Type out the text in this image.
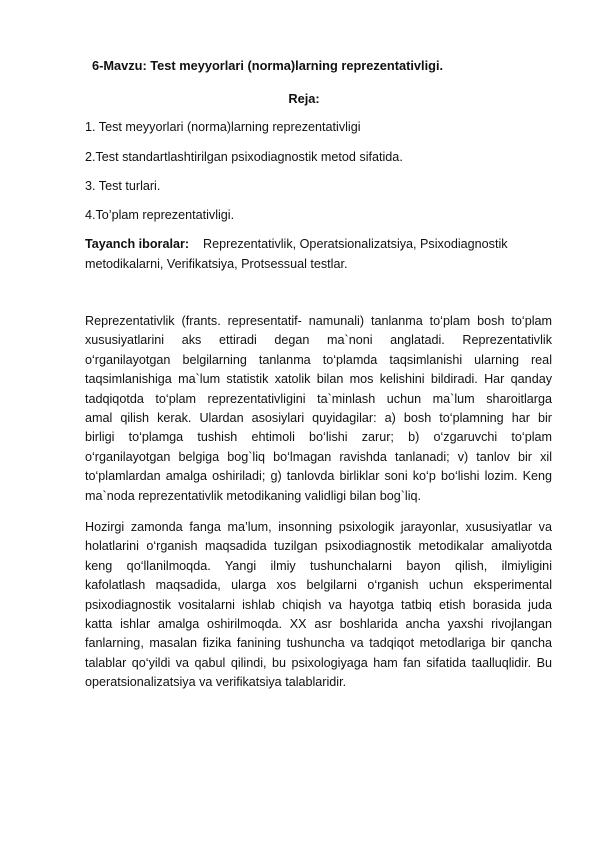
6-Mavzu: Test meyyorlari (norma)larning reprezentativligi.
Reja:
1. Test meyyorlari (norma)larning reprezentativligi
2.Test standartlashtirilgan psixodiagnostik metod sifatida.
3. Test turlari.
4.To’plam reprezentativligi.
Tayanch iboralar: Reprezentativlik, Operatsionalizatsiya, Psixodiagnostik metodikalarni, Verifikatsiya, Protsessual testlar.
Reprezentativlik (frants. representatif- namunali) tanlanma to‘plam bosh to‘plam
xususiyatlarini aks ettiradi degan ma`noni anglatadi. Reprezentativlik
o‘rganilayotgan belgilarning tanlanma to‘plamda taqsimlanishi ularning real
taqsimlanishiga ma`lum statistik xatolik bilan mos kelishini bildiradi. Har qanday
tadqiqotda to‘plam reprezentativligini ta`minlash uchun ma`lum sharoitlarga
amal qilish kerak. Ulardan asosiylari quyidagilar: a) bosh to‘plamning har bir
birligi to‘plamga tushish ehtimoli bo‘lishi zarur; b) o‘zgaruvchi to‘plam
o‘rganilayotgan belgiga bog`liq bo‘lmagan ravishda tanlanadi; v) tanlov bir xil
to‘plamlardan amalga oshiriladi; g) tanlovda birliklar soni ko‘p bo‘lishi lozim. Keng
ma`noda reprezentativlik metodikaning validligi bilan bog`liq.
Hozirgi zamonda fanga ma’lum, insonning psixologik jarayonlar, xususiyatlar va
holatlarini o‘rganish maqsadida tuzilgan psixodiagnostik metodikalar amaliyotda
keng qo‘llanilmoqda. Yangi ilmiy tushunchalarni bayon qilish, ilmiyligini
kafolatlash maqsadida, ularga xos belgilarni o‘rganish uchun eksperimental
psixodiagnostik vositalarni ishlab chiqish va hayotga tatbiq etish borasida juda
katta ishlar amalga oshirilmoqda. XX asr boshlarida ancha yaxshi rivojlangan
fanlarning, masalan fizika fanining tushuncha va tadqiqot metodlariga bir qancha
talablar qo‘yildi va qabul qilindi, bu psixologiyaga ham fan sifatida taalluqlidir. Bu
operatsionalizatsiya va verifikatsiya talablaridir.
